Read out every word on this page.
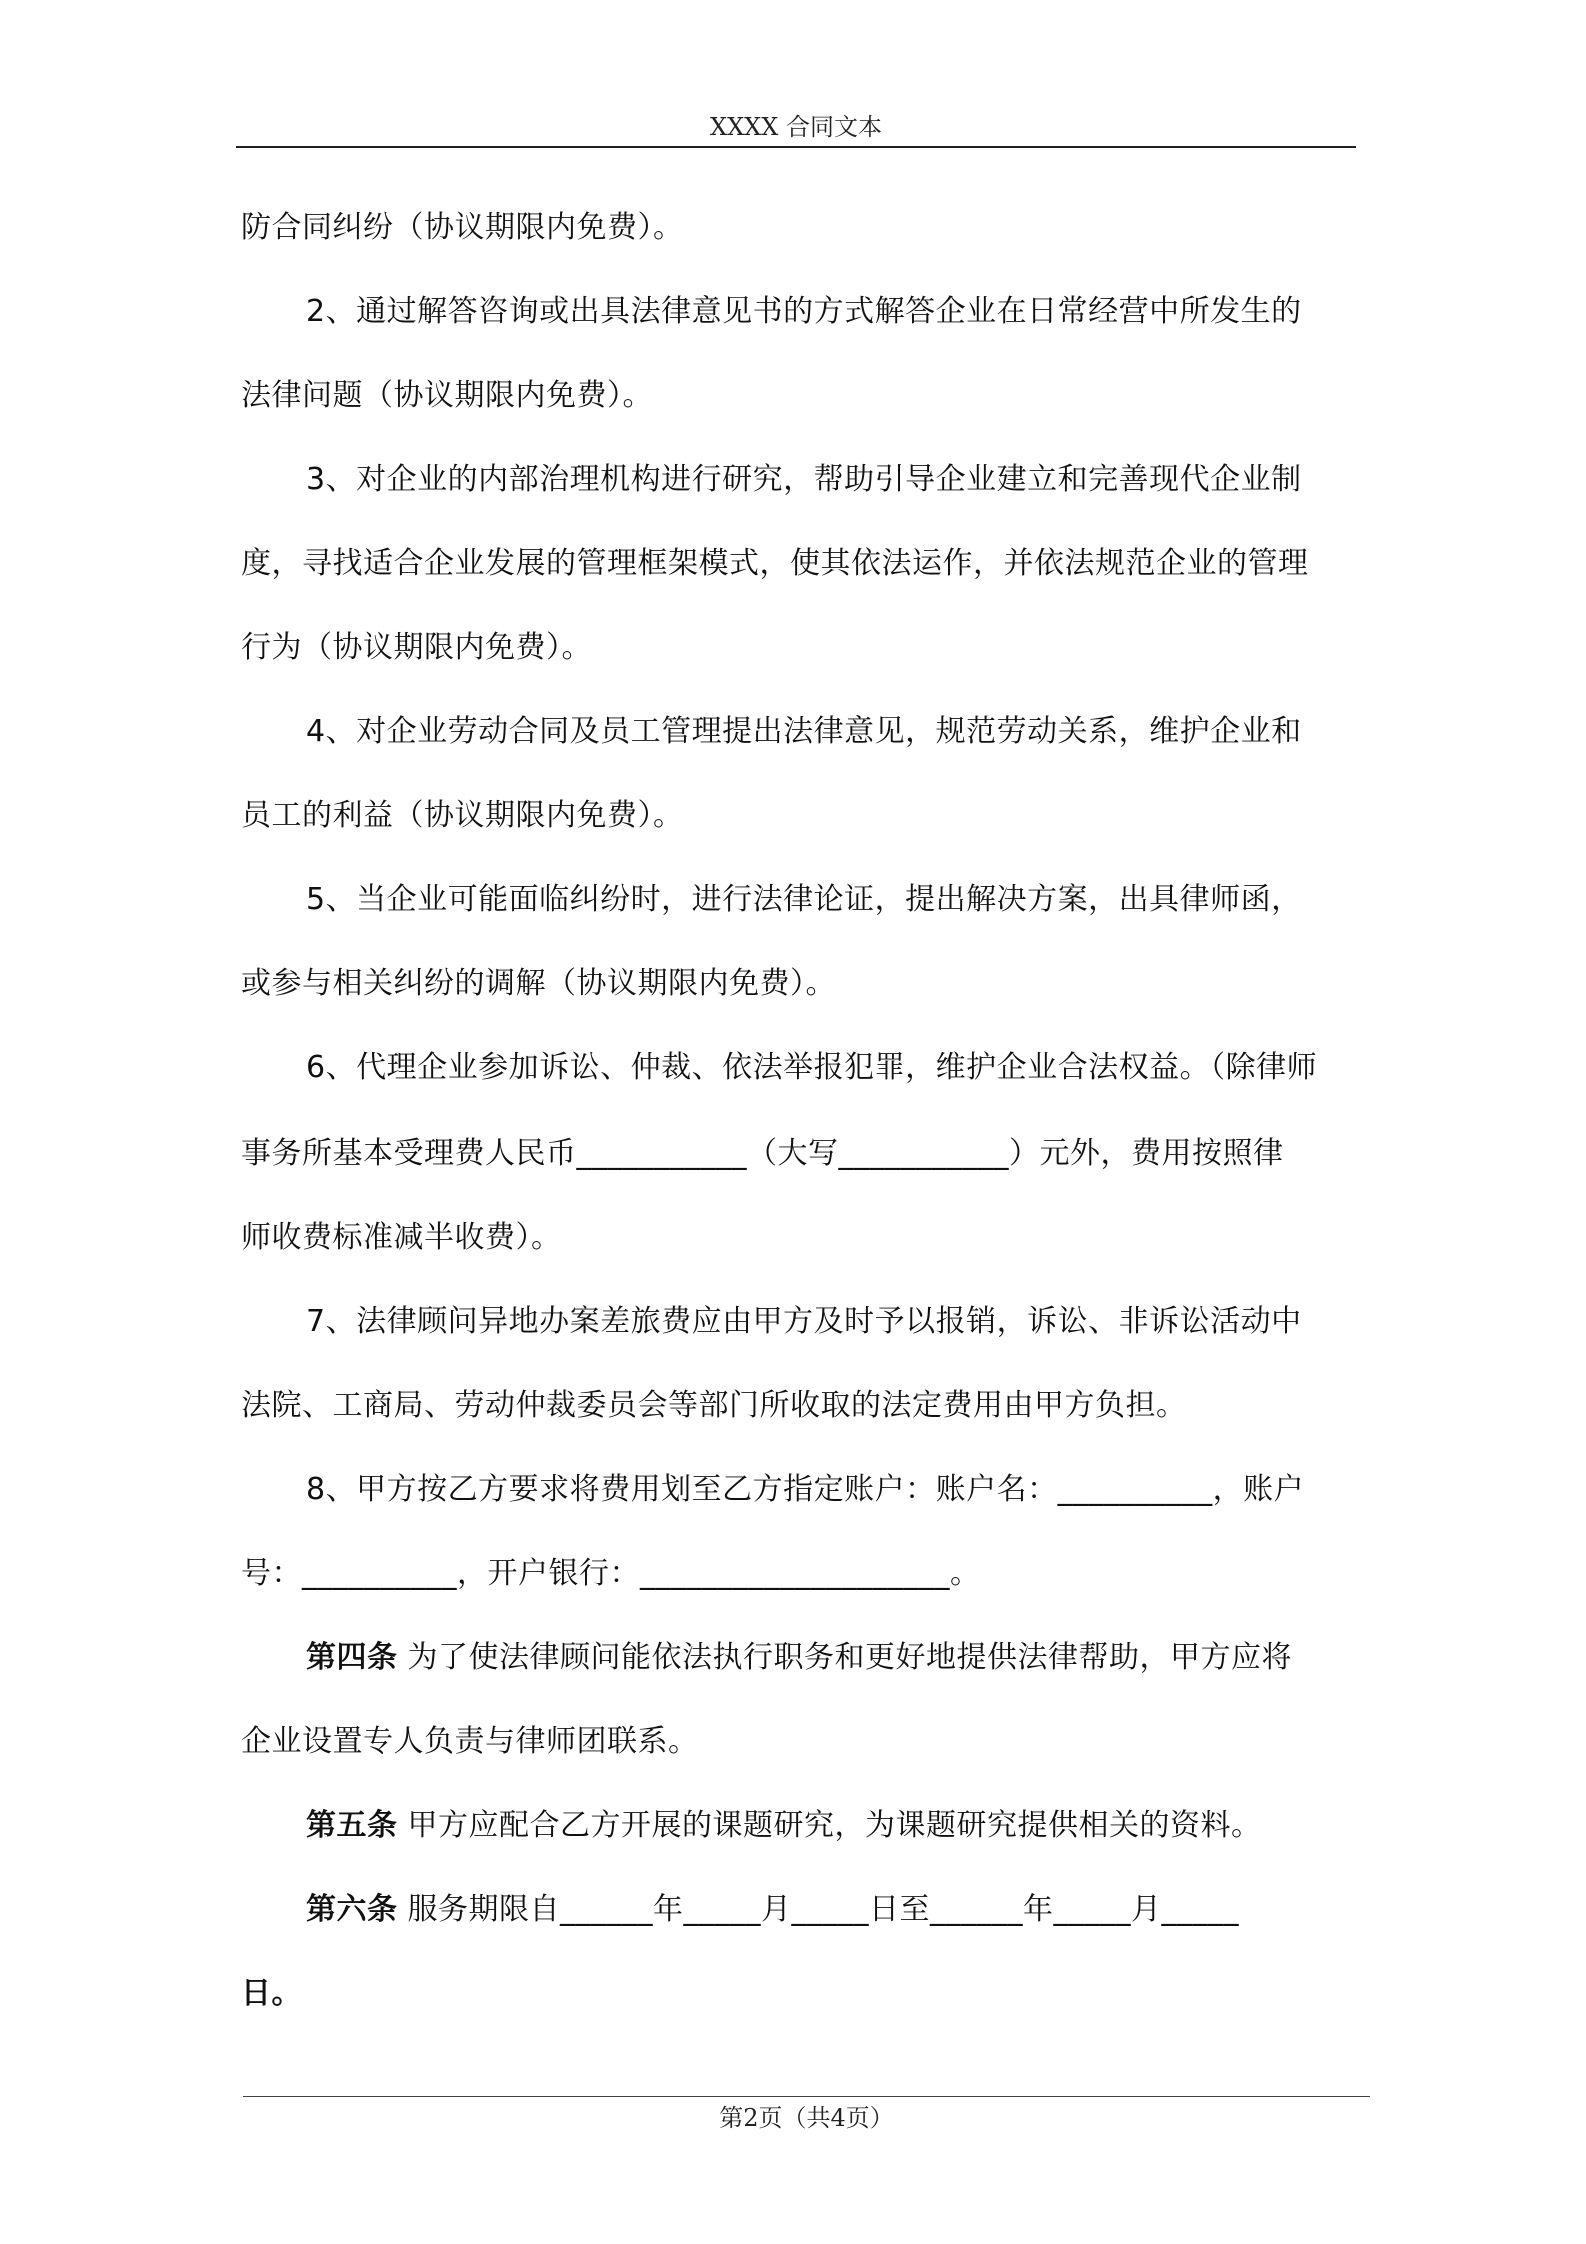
XXXX 合同文本
防合同纠纷（协议期限内免费）。
2、通过解答咨询或出具法律意见书的方式解答企业在日常经营中所发生的
法律问题（协议期限内免费）。
3、对企业的内部治理机构进行研究，帮助引导企业建立和完善现代企业制
度，寻找适合企业发展的管理框架模式，使其依法运作，并依法规范企业的管理
行为（协议期限内免费）。
4、对企业劳动合同及员工管理提出法律意见，规范劳动关系，维护企业和
员工的利益（协议期限内免费）。
5、当企业可能面临纠纷时，进行法律论证，提出解决方案，出具律师函，
或参与相关纠纷的调解（协议期限内免费）。
6、代理企业参加诉讼、仲裁、依法举报犯罪，维护企业合法权益。（除律师
事务所基本受理费人民币___________（大写___________）元外，费用按照律
师收费标准减半收费）。
7、法律顾问异地办案差旅费应由甲方及时予以报销，诉讼、非诉讼活动中
法院、工商局、劳动仲裁委员会等部门所收取的法定费用由甲方负担。
8、甲方按乙方要求将费用划至乙方指定账户：账户名：__________，账户
号：__________，开户银行：____________________。
第四条 为了使法律顾问能依法执行职务和更好地提供法律帮助，甲方应将
企业设置专人负责与律师团联系。
第五条 甲方应配合乙方开展的课题研究，为课题研究提供相关的资料。
第六条 服务期限自______年_____月_____日至______年_____月_____
日。
第2页（共4页）
